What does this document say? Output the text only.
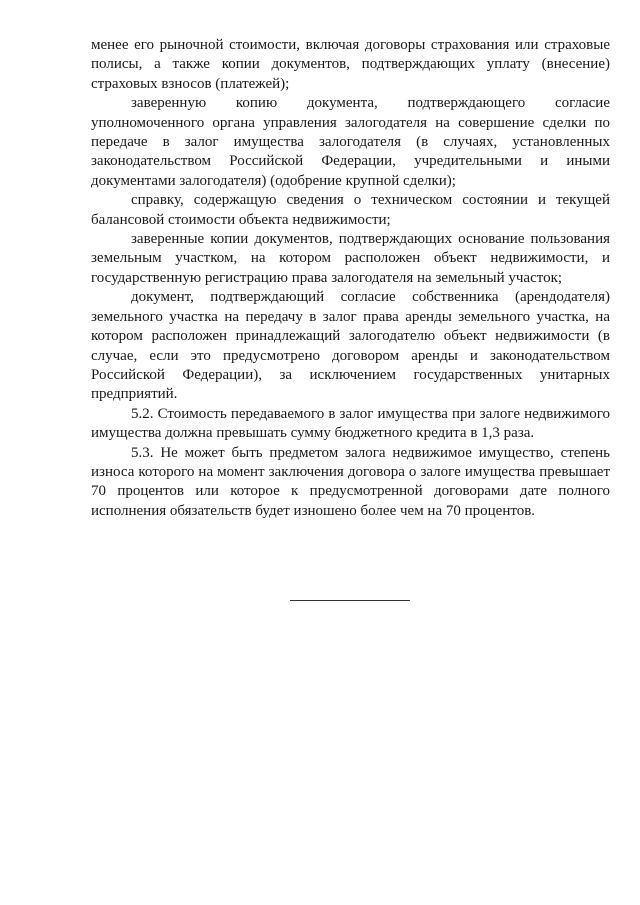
менее его рыночной стоимости, включая договоры страхования или страховые полисы, а также копии документов, подтверждающих уплату (внесение) страховых взносов (платежей);

заверенную копию документа, подтверждающего согласие уполномоченного органа управления залогодателя на совершение сделки по передаче в залог имущества залогодателя (в случаях, установленных законодательством Российской Федерации, учредительными и иными документами залогодателя) (одобрение крупной сделки);

справку, содержащую сведения о техническом состоянии и текущей балансовой стоимости объекта недвижимости;

заверенные копии документов, подтверждающих основание пользования земельным участком, на котором расположен объект недвижимости, и государственную регистрацию права залогодателя на земельный участок;

документ, подтверждающий согласие собственника (арендодателя) земельного участка на передачу в залог права аренды земельного участка, на котором расположен принадлежащий залогодателю объект недвижимости (в случае, если это предусмотрено договором аренды и законодательством Российской Федерации), за исключением государственных унитарных предприятий.

5.2. Стоимость передаваемого в залог имущества при залоге недвижимого имущества должна превышать сумму бюджетного кредита в 1,3 раза.

5.3. Не может быть предметом залога недвижимое имущество, степень износа которого на момент заключения договора о залоге имущества превышает 70 процентов или которое к предусмотренной договорами дате полного исполнения обязательств будет изношено более чем на 70 процентов.
